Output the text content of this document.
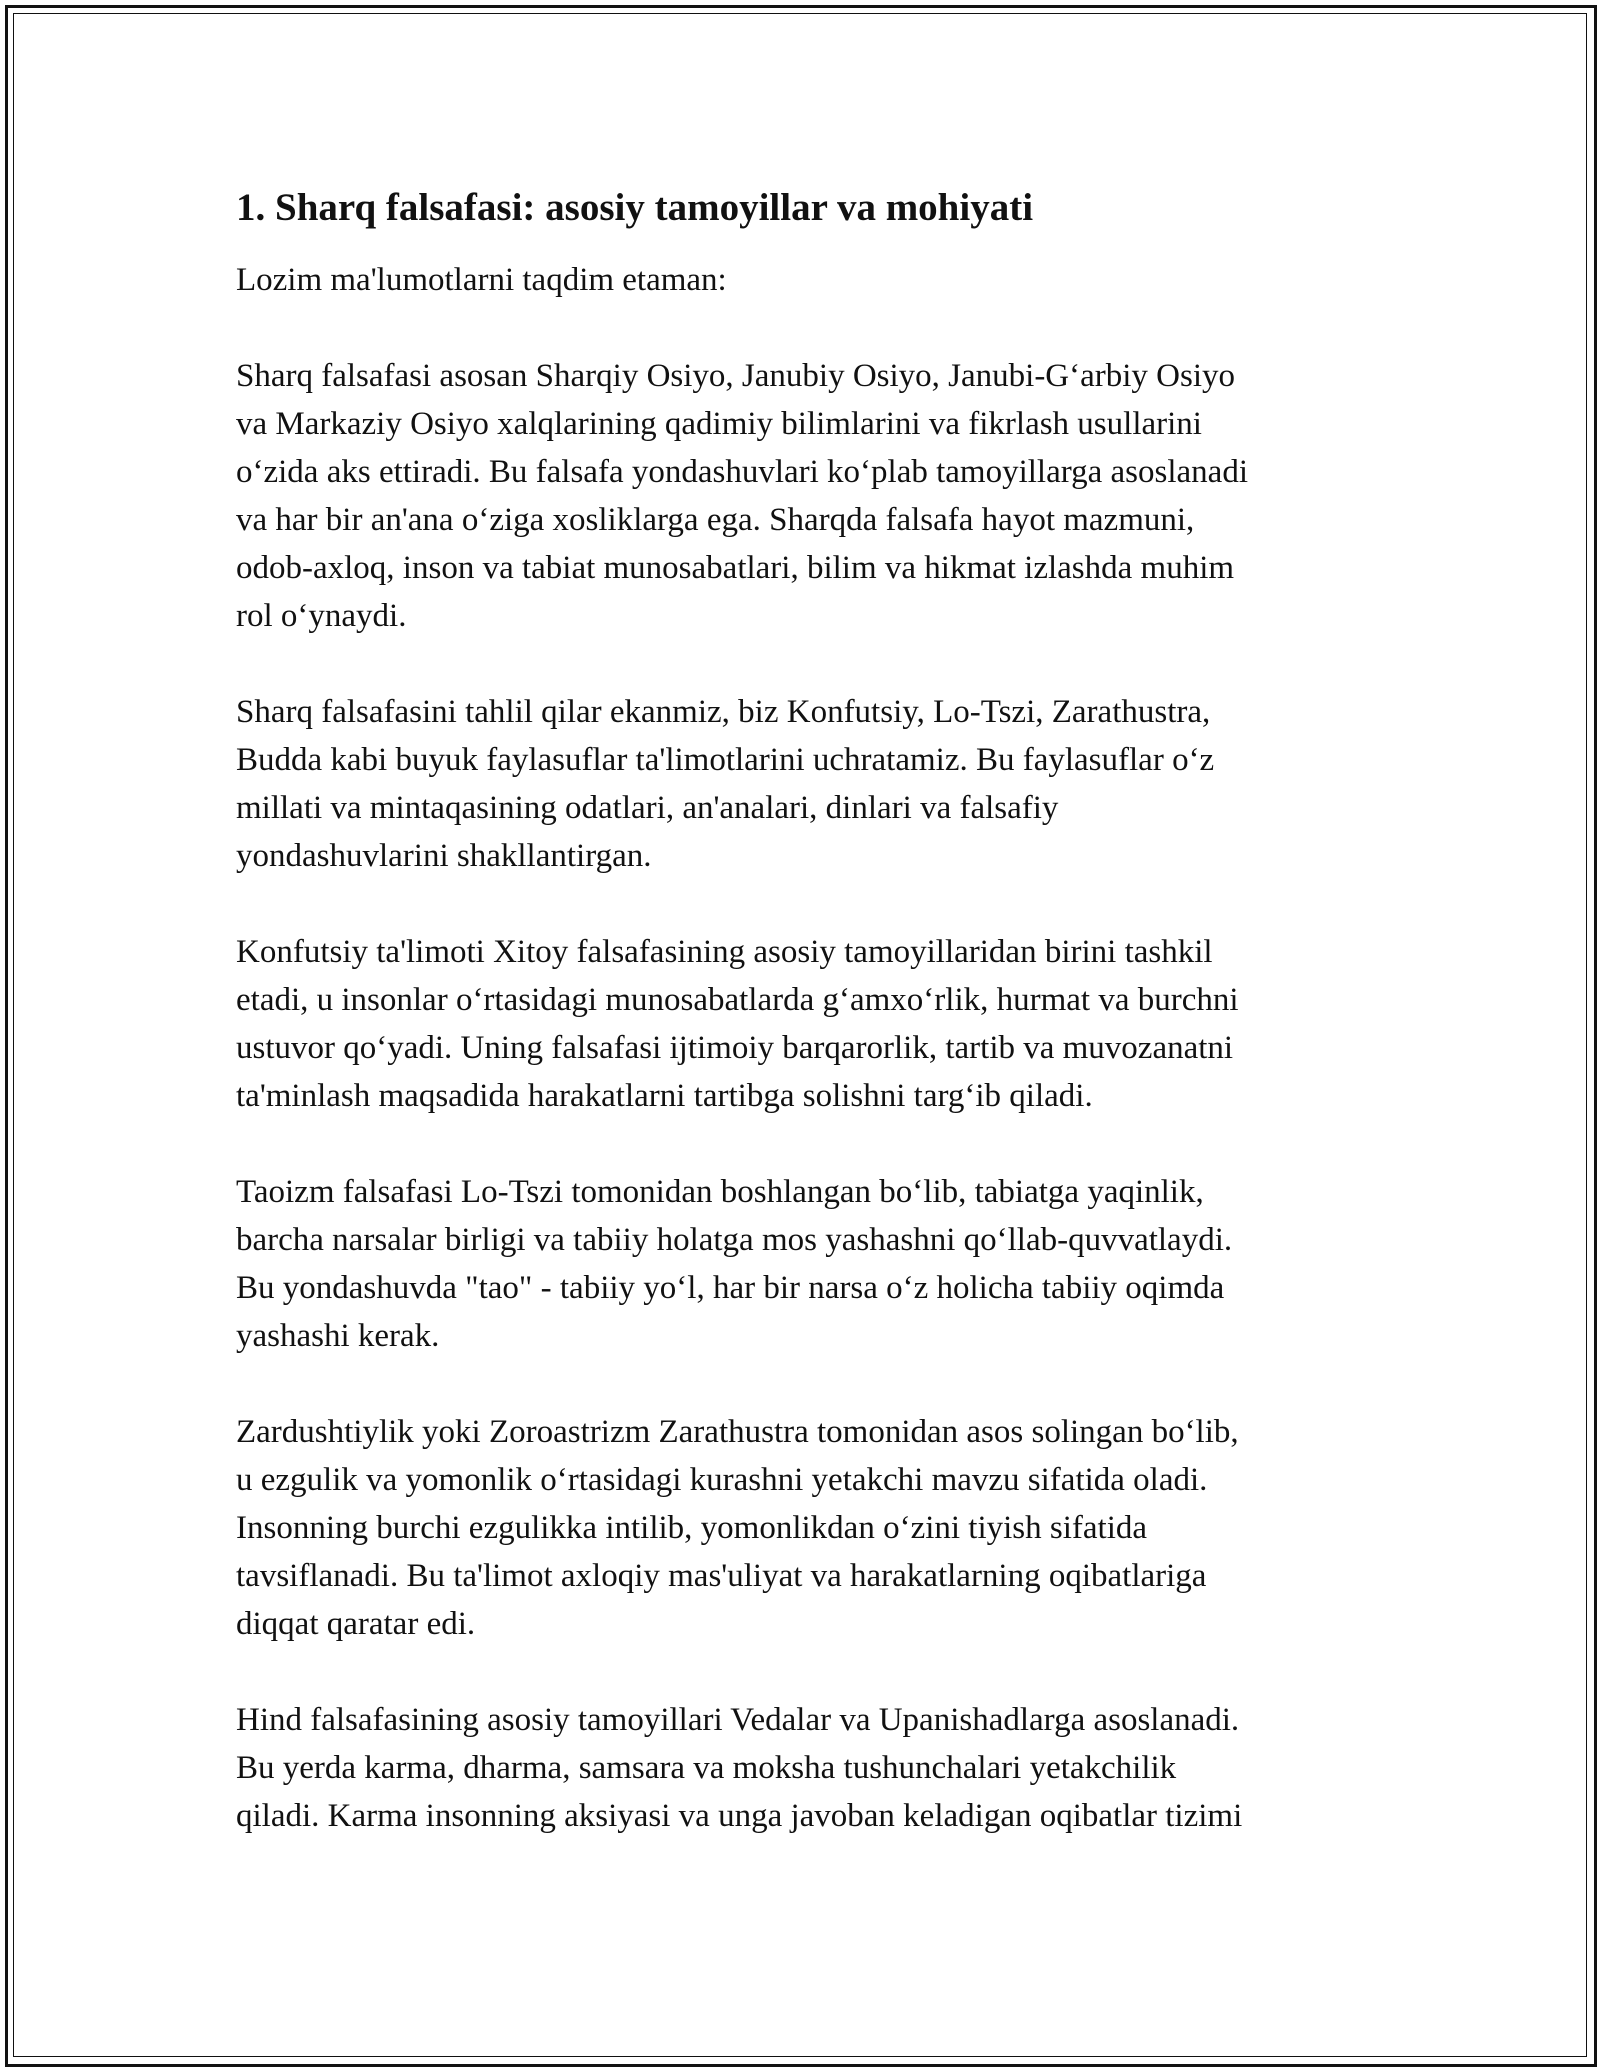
1. Sharq falsafasi: asosiy tamoyillar va mohiyati

Lozim ma'lumotlarni taqdim etaman:

Sharq falsafasi asosan Sharqiy Osiyo, Janubiy Osiyo, Janubi-G‘arbiy Osiyo
va Markaziy Osiyo xalqlarining qadimiy bilimlarini va fikrlash usullarini
o‘zida aks ettiradi. Bu falsafa yondashuvlari ko‘plab tamoyillarga asoslanadi
va har bir an'ana o‘ziga xosliklarga ega. Sharqda falsafa hayot mazmuni,
odob-axloq, inson va tabiat munosabatlari, bilim va hikmat izlashda muhim
rol o‘ynaydi.

Sharq falsafasini tahlil qilar ekanmiz, biz Konfutsiy, Lo-Tszi, Zarathustra,
Budda kabi buyuk faylasuflar ta'limotlarini uchratamiz. Bu faylasuflar o‘z
millati va mintaqasining odatlari, an'analari, dinlari va falsafiy
yondashuvlarini shakllantirgan.

Konfutsiy ta'limoti Xitoy falsafasining asosiy tamoyillaridan birini tashkil
etadi, u insonlar o‘rtasidagi munosabatlarda g‘amxo‘rlik, hurmat va burchni
ustuvor qo‘yadi. Uning falsafasi ijtimoiy barqarorlik, tartib va muvozanatni
ta'minlash maqsadida harakatlarni tartibga solishni targ‘ib qiladi.

Taoizm falsafasi Lo-Tszi tomonidan boshlangan bo‘lib, tabiatga yaqinlik,
barcha narsalar birligi va tabiiy holatga mos yashashni qo‘llab-quvvatlaydi.
Bu yondashuvda "tao" - tabiiy yo‘l, har bir narsa o‘z holicha tabiiy oqimda
yashashi kerak.

Zardushtiylik yoki Zoroastrizm Zarathustra tomonidan asos solingan bo‘lib,
u ezgulik va yomonlik o‘rtasidagi kurashni yetakchi mavzu sifatida oladi.
Insonning burchi ezgulikka intilib, yomonlikdan o‘zini tiyish sifatida
tavsiflanadi. Bu ta'limot axloqiy mas'uliyat va harakatlarning oqibatlariga
diqqat qaratar edi.

Hind falsafasining asosiy tamoyillari Vedalar va Upanishadlarga asoslanadi.
Bu yerda karma, dharma, samsara va moksha tushunchalari yetakchilik
qiladi. Karma insonning aksiyasi va unga javoban keladigan oqibatlar tizimi
